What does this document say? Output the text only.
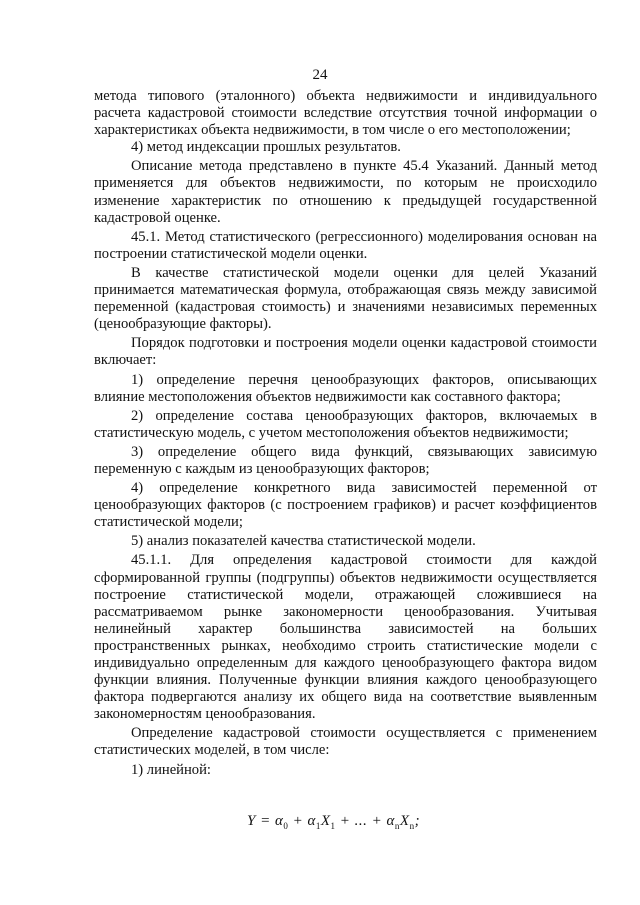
24

метода типового (эталонного) объекта недвижимости и индивидуального расчета кадастровой стоимости вследствие отсутствия точной информации о характеристиках объекта недвижимости, в том числе о его местоположении;

4) метод индексации прошлых результатов.

Описание метода представлено в пункте 45.4 Указаний. Данный метод применяется для объектов недвижимости, по которым не происходило изменение характеристик по отношению к предыдущей государственной кадастровой оценке.

45.1. Метод статистического (регрессионного) моделирования основан на построении статистической модели оценки.

В качестве статистической модели оценки для целей Указаний принимается математическая формула, отображающая связь между зависимой переменной (кадастровая стоимость) и значениями независимых переменных (ценообразующие факторы).

Порядок подготовки и построения модели оценки кадастровой стоимости включает:

1) определение перечня ценообразующих факторов, описывающих влияние местоположения объектов недвижимости как составного фактора;

2) определение состава ценообразующих факторов, включаемых в статистическую модель, с учетом местоположения объектов недвижимости;

3) определение общего вида функций, связывающих зависимую переменную с каждым из ценообразующих факторов;

4) определение конкретного вида зависимостей переменной от ценообразующих факторов (с построением графиков) и расчет коэффициентов статистической модели;

5) анализ показателей качества статистической модели.

45.1.1. Для определения кадастровой стоимости для каждой сформированной группы (подгруппы) объектов недвижимости осуществляется построение статистической модели, отражающей сложившиеся на рассматриваемом рынке закономерности ценообразования. Учитывая нелинейный характер большинства зависимостей на больших пространственных рынках, необходимо строить статистические модели с индивидуально определенным для каждого ценообразующего фактора видом функции влияния. Полученные функции влияния каждого ценообразующего фактора подвергаются анализу их общего вида на соответствие выявленным закономерностям ценообразования.

Определение кадастровой стоимости осуществляется с применением статистических моделей, в том числе:

1) линейной:

$Y = \alpha_0 + \alpha_1X_1$ + ... + $\alpha_nX_n$;
